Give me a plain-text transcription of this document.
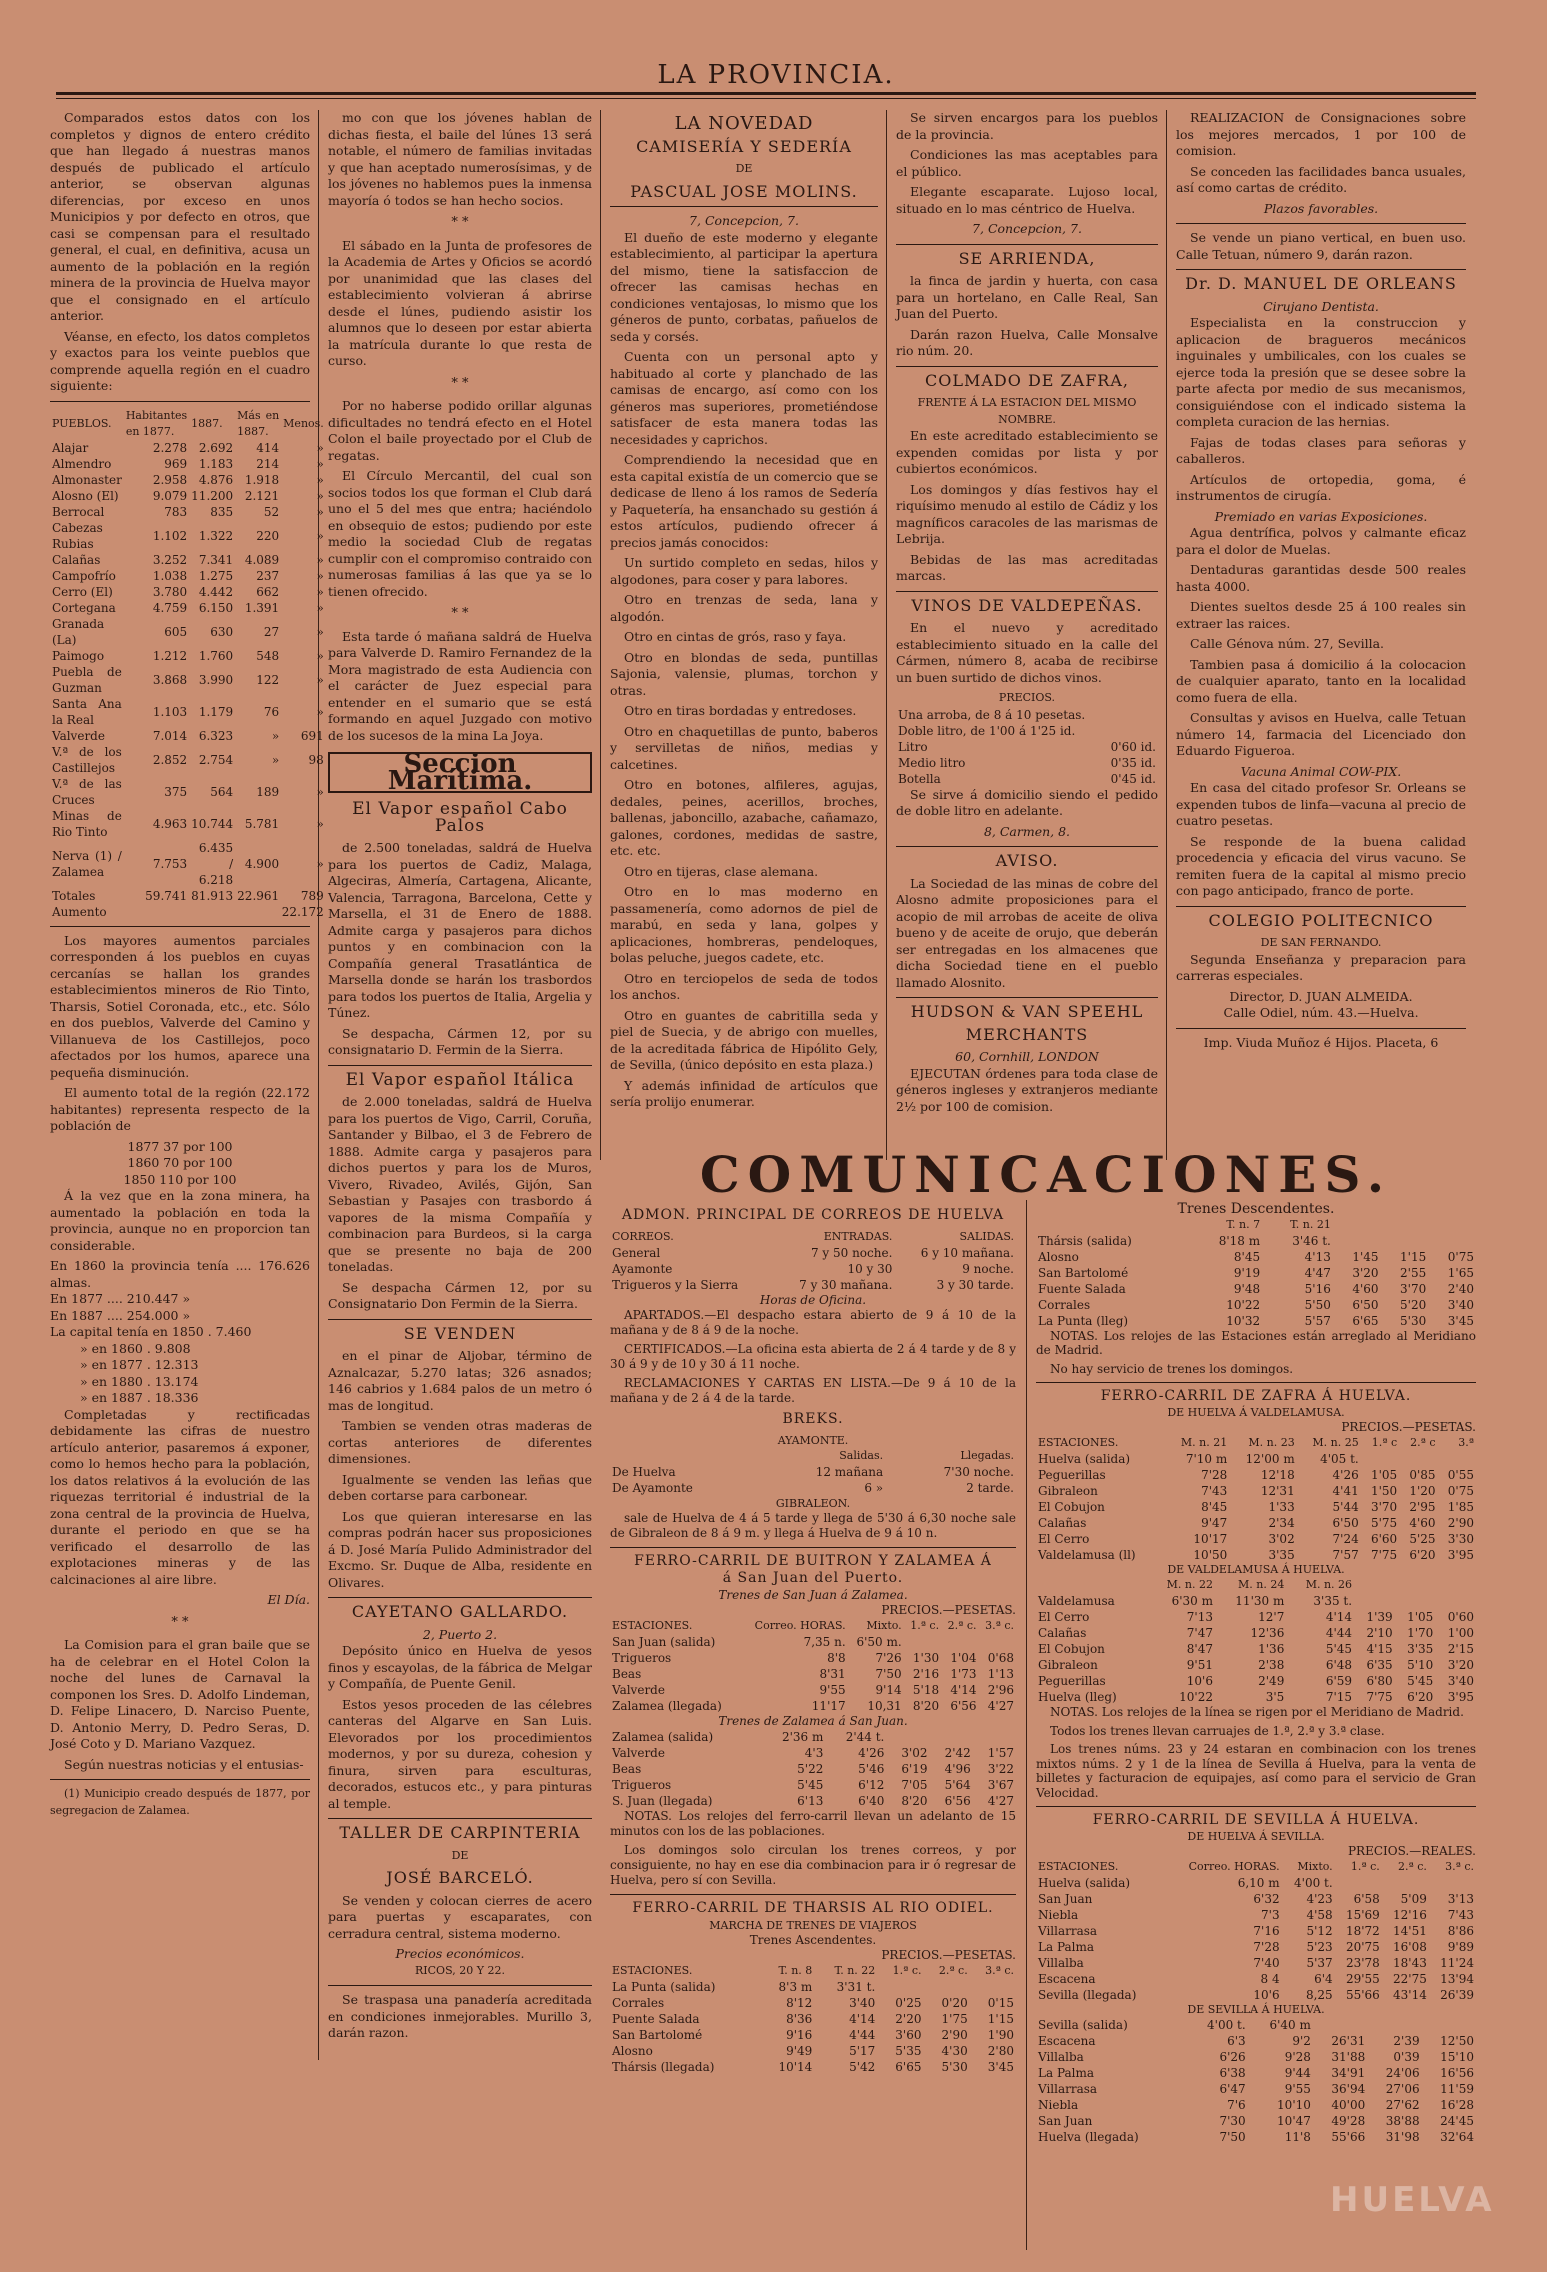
LA PROVINCIA.

Comparados estos datos con los completos y dignos de entero crédito que han llegado á nuestras manos después de publicado el artículo anterior, se observan algunas diferencias, por exceso en unos Municipios y por defecto en otros, que casi se compensan para el resultado general, el cual, en definitiva, acusa un aumento de la población en la región minera de la provincia de Huelva mayor que el consignado en el artículo anterior.

Véanse, en efecto, los datos completos y exactos para los veinte pueblos que comprende aquella región en el cuadro siguiente:

PUEBLOS.	Habitantes en 1877.	1887.	Más en 1887.	Menos.
Alajar	2.278	2.692	414	»
Almendro	969	1.183	214	»
Almonaster	2.958	4.876	1.918	»
Alosno (El)	9.079	11.200	2.121	»
Berrocal	783	835	52	»
Cabezas Rubias	1.102	1.322	220	»
Calañas	3.252	7.341	4.089	»
Campofrío	1.038	1.275	237	»
Cerro (El)	3.780	4.442	662	»
Cortegana	4.759	6.150	1.391	»
Granada (La)	605	630	27	»
Paimogo	1.212	1.760	548	»
Puebla de Guzman	3.868	3.990	122	»
Santa Ana la Real	1.103	1.179	76	»
Valverde	7.014	6.323	»	691
V.ª de los Castillejos	2.852	2.754	»	98
V.ª de las Cruces	375	564	189	»
Minas de Rio Tinto	4.963	10.744	5.781	»
Nerva (1) / Zalamea	7.753	6.435 / 6.218	4.900	»
Totales	59.741	81.913	22.961	789
Aumento			22.172	

Los mayores aumentos parciales corresponden á los pueblos en cuyas cercanías se hallan los grandes establecimientos mineros de Rio Tinto, Tharsis, Sotiel Coronada, etc., etc. Sólo en dos pueblos, Valverde del Camino y Villanueva de los Castillejos, poco afectados por los humos, aparece una pequeña disminución.

El aumento total de la región (22.172 habitantes) representa respecto de la población de

1877 37 por 100
1860 70 por 100
1850 110 por 100

Á la vez que en la zona minera, ha aumentado la población en toda la provincia, aunque no en proporcion tan considerable.

En 1860 la provincia tenía .... 176.626 almas.
En 1877 .... 210.447 »
En 1887 .... 254.000 »
La capital tenía en 1850 . 7.460
» en 1860 . 9.808
» en 1877 . 12.313
» en 1880 . 13.174
» en 1887 . 18.336

Completadas y rectificadas debidamente las cifras de nuestro artículo anterior, pasaremos á exponer, como lo hemos hecho para la población, los datos relativos á la evolución de las riquezas territorial é industrial de la zona central de la provincia de Huelva, durante el periodo en que se ha verificado el desarrollo de las explotaciones mineras y de las calcinaciones al aire libre.

El Día.
* *

La Comision para el gran baile que se ha de celebrar en el Hotel Colon la noche del lunes de Carnaval la componen los Sres. D. Adolfo Lindeman, D. Felipe Linacero, D. Narciso Puente, D. Antonio Merry, D. Pedro Seras, D. José Coto y D. Mariano Vazquez.

Según nuestras noticias y el entusias-

(1) Municipio creado después de 1877, por segregacion de Zalamea.

mo con que los jóvenes hablan de dichas fiesta, el baile del lúnes 13 será notable, el número de familias invitadas y que han aceptado numerosísimas, y de los jóvenes no hablemos pues la inmensa mayoría ó todos se han hecho socios.

* *

El sábado en la Junta de profesores de la Academia de Artes y Oficios se acordó por unanimidad que las clases del establecimiento volvieran á abrirse desde el lúnes, pudiendo asistir los alumnos que lo deseen por estar abierta la matrícula durante lo que resta de curso.

* *

Por no haberse podido orillar algunas dificultades no tendrá efecto en el Hotel Colon el baile proyectado por el Club de regatas.

El Círculo Mercantil, del cual son socios todos los que forman el Club dará uno el 5 del mes que entra; haciéndolo en obsequio de estos; pudiendo por este medio la sociedad Club de regatas cumplir con el compromiso contraido con numerosas familias á las que ya se lo tienen ofrecido.

* *

Esta tarde ó mañana saldrá de Huelva para Valverde D. Ramiro Fernandez de la Mora magistrado de esta Audiencia con el carácter de Juez especial para entender en el sumario que se está formando en aquel Juzgado con motivo de los sucesos de la mina La Joya.

Seccion Marítima.
El Vapor español Cabo Palos

de 2.500 toneladas, saldrá de Huelva para los puertos de Cadiz, Malaga, Algeciras, Almería, Cartagena, Alicante, Valencia, Tarragona, Barcelona, Cette y Marsella, el 31 de Enero de 1888. Admite carga y pasajeros para dichos puntos y en combinacion con la Compañía general Trasatlántica de Marsella donde se harán los trasbordos para todos los puertos de Italia, Argelia y Túnez.

Se despacha, Cármen 12, por su consignatario D. Fermin de la Sierra.

El Vapor español Itálica

de 2.000 toneladas, saldrá de Huelva para los puertos de Vigo, Carril, Coruña, Santander y Bilbao, el 3 de Febrero de 1888. Admite carga y pasajeros para dichos puertos y para los de Muros, Vivero, Rivadeo, Avilés, Gijón, San Sebastian y Pasajes con trasbordo á vapores de la misma Compañía y combinacion para Burdeos, si la carga que se presente no baja de 200 toneladas.

Se despacha Cármen 12, por su Consignatario Don Fermin de la Sierra.

SE VENDEN

en el pinar de Aljobar, término de Aznalcazar, 5.270 latas; 326 asnados; 146 cabrios y 1.684 palos de un metro ó mas de longitud.

Tambien se venden otras maderas de cortas anteriores de diferentes dimensiones.

Igualmente se venden las leñas que deben cortarse para carbonear.

Los que quieran interesarse en las compras podrán hacer sus proposiciones á D. José María Pulido Administrador del Excmo. Sr. Duque de Alba, residente en Olivares.

CAYETANO GALLARDO.
2, Puerto 2.

Depósito único en Huelva de yesos finos y escayolas, de la fábrica de Melgar y Compañía, de Puente Genil.

Estos yesos proceden de las célebres canteras del Algarve en San Luis. Elevorados por los procedimientos modernos, y por su dureza, cohesion y finura, sirven para esculturas, decorados, estucos etc., y para pinturas al temple.

TALLER DE CARPINTERIA
DE
JOSÉ BARCELÓ.

Se venden y colocan cierres de acero para puertas y escaparates, con cerradura central, sistema moderno.

Precios económicos.
RICOS, 20 Y 22.

Se traspasa una panadería acreditada en condiciones inmejorables. Murillo 3, darán razon.

LA NOVEDAD
CAMISERÍA Y SEDERÍA
DE
PASCUAL JOSE MOLINS.
7, Concepcion, 7.

El dueño de este moderno y elegante establecimiento, al participar la apertura del mismo, tiene la satisfaccion de ofrecer las camisas hechas en condiciones ventajosas, lo mismo que los géneros de punto, corbatas, pañuelos de seda y corsés.

Cuenta con un personal apto y habituado al corte y planchado de las camisas de encargo, así como con los géneros mas superiores, prometiéndose satisfacer de esta manera todas las necesidades y caprichos.

Comprendiendo la necesidad que en esta capital existía de un comercio que se dedicase de lleno á los ramos de Sedería y Paquetería, ha ensanchado su gestión á estos artículos, pudiendo ofrecer á precios jamás conocidos:

Un surtido completo en sedas, hilos y algodones, para coser y para labores.

Otro en trenzas de seda, lana y algodón.

Otro en cintas de grós, raso y faya.

Otro en blondas de seda, puntillas Sajonia, valensie, plumas, torchon y otras.

Otro en tiras bordadas y entredoses.

Otro en chaquetillas de punto, baberos y servilletas de niños, medias y calcetines.

Otro en botones, alfileres, agujas, dedales, peines, acerillos, broches, ballenas, jaboncillo, azabache, cañamazo, galones, cordones, medidas de sastre, etc. etc.

Otro en tijeras, clase alemana.

Otro en lo mas moderno en passamenería, como adornos de piel de marabú, en seda y lana, golpes y aplicaciones, hombreras, pendeloques, bolas peluche, juegos cadete, etc.

Otro en terciopelos de seda de todos los anchos.

Otro en guantes de cabritilla seda y piel de Suecia, y de abrigo con muelles, de la acreditada fábrica de Hipólito Gely, de Sevilla, (único depósito en esta plaza.)

Y además infinidad de artículos que sería prolijo enumerar.

Se sirven encargos para los pueblos de la provincia.

Condiciones las mas aceptables para el público.

Elegante escaparate. Lujoso local, situado en lo mas céntrico de Huelva.

7, Concepcion, 7.
SE ARRIENDA,

la finca de jardin y huerta, con casa para un hortelano, en Calle Real, San Juan del Puerto.

Darán razon Huelva, Calle Monsalve rio núm. 20.

COLMADO DE ZAFRA,
FRENTE Á LA ESTACION DEL MISMO NOMBRE.

En este acreditado establecimiento se expenden comidas por lista y por cubiertos económicos.

Los domingos y días festivos hay el riquísimo menudo al estilo de Cádiz y los magníficos caracoles de las marismas de Lebrija.

Bebidas de las mas acreditadas marcas.

VINOS DE VALDEPEÑAS.

En el nuevo y acreditado establecimiento situado en la calle del Cármen, número 8, acaba de recibirse un buen surtido de dichos vinos.

PRECIOS.
Una arroba, de 8 á 10 pesetas.	
Doble litro, de 1'00 á 1'25 id.	
Litro	0'60 id.
Medio litro	0'35 id.
Botella	0'45 id.

Se sirve á domicilio siendo el pedido de doble litro en adelante.

8, Carmen, 8.
AVISO.

La Sociedad de las minas de cobre del Alosno admite proposiciones para el acopio de mil arrobas de aceite de oliva bueno y de aceite de orujo, que deberán ser entregadas en los almacenes que dicha Sociedad tiene en el pueblo llamado Alosnito.

HUDSON & VAN SPEEHL
MERCHANTS
60, Cornhill, LONDON

EJECUTAN órdenes para toda clase de géneros ingleses y extranjeros mediante 2½ por 100 de comision.

REALIZACION de Consignaciones sobre los mejores mercados, 1 por 100 de comision.

Se conceden las facilidades banca usuales, así como cartas de crédito.

Plazos favorables.

Se vende un piano vertical, en buen uso. Calle Tetuan, número 9, darán razon.

Dr. D. MANUEL DE ORLEANS
Cirujano Dentista.

Especialista en la construccion y aplicacion de bragueros mecánicos inguinales y umbilicales, con los cuales se ejerce toda la presión que se desee sobre la parte afecta por medio de sus mecanismos, consiguiéndose con el indicado sistema la completa curacion de las hernias.

Fajas de todas clases para señoras y caballeros.

Artículos de ortopedia, goma, é instrumentos de cirugía.

Premiado en varias Exposiciones.

Agua dentrífica, polvos y calmante eficaz para el dolor de Muelas.

Dentaduras garantidas desde 500 reales hasta 4000.

Dientes sueltos desde 25 á 100 reales sin extraer las raices.

Calle Génova núm. 27, Sevilla.

Tambien pasa á domicilio á la colocacion de cualquier aparato, tanto en la localidad como fuera de ella.

Consultas y avisos en Huelva, calle Tetuan número 14, farmacia del Licenciado don Eduardo Figueroa.

Vacuna Animal COW-PIX.

En casa del citado profesor Sr. Orleans se expenden tubos de linfa—vacuna al precio de cuatro pesetas.

Se responde de la buena calidad procedencia y eficacia del virus vacuno. Se remiten fuera de la capital al mismo precio con pago anticipado, franco de porte.

COLEGIO POLITECNICO
DE SAN FERNANDO.

Segunda Enseñanza y preparacion para carreras especiales.

Director, D. JUAN ALMEIDA.
Calle Odiel, núm. 43.—Huelva.
Imp. Viuda Muñoz é Hijos. Placeta, 6
COMUNICACIONES.
ADMON. PRINCIPAL DE CORREOS DE HUELVA
CORREOS.	ENTRADAS.	SALIDAS.
General	7 y 50 noche.	6 y 10 mañana.
Ayamonte	10 y 30	9 noche.
Trigueros y la Sierra	7 y 30 mañana.	3 y 30 tarde.
Horas de Oficina.

APARTADOS.—El despacho estara abierto de 9 á 10 de la mañana y de 8 á 9 de la noche.

CERTIFICADOS.—La oficina esta abierta de 2 á 4 tarde y de 8 y 30 á 9 y de 10 y 30 á 11 noche.

RECLAMACIONES Y CARTAS EN LISTA.—De 9 á 10 de la mañana y de 2 á 4 de la tarde.

BREKS.
AYAMONTE.
	Salidas.	Llegadas.
De Huelva	12 mañana	7'30 noche.
De Ayamonte	6 »	2 tarde.
GIBRALEON.

sale de Huelva de 4 á 5 tarde y llega de 5'30 á 6,30 noche sale de Gibraleon de 8 á 9 m. y llega á Huelva de 9 á 10 n.

FERRO-CARRIL DE BUITRON Y ZALAMEA Á
á San Juan del Puerto.
Trenes de San Juan á Zalamea.
PRECIOS.—PESETAS.
ESTACIONES.	Correo. HORAS.	Mixto.	1.ª c.	2.ª c.	3.ª c.
San Juan (salida)	7,35 n.	6'50 m.			
Trigueros	8'8	7'26	1'30	1'04	0'68
Beas	8'31	7'50	2'16	1'73	1'13
Valverde	9'55	9'14	5'18	4'14	2'96
Zalamea (llegada)	11'17	10,31	8'20	6'56	4'27
Trenes de Zalamea á San Juan.
Zalamea (salida)	2'36 m	2'44 t.			
Valverde	4'3	4'26	3'02	2'42	1'57
Beas	5'22	5'46	6'19	4'96	3'22
Trigueros	5'45	6'12	7'05	5'64	3'67
S. Juan (llegada)	6'13	6'40	8'20	6'56	4'27

NOTAS. Los relojes del ferro-carril llevan un adelanto de 15 minutos con los de las poblaciones.

Los domingos solo circulan los trenes correos, y por consiguiente, no hay en ese dia combinacion para ir ó regresar de Huelva, pero sí con Sevilla.

FERRO-CARRIL DE THARSIS AL RIO ODIEL.
MARCHA DE TRENES DE VIAJEROS
Trenes Ascendentes.
PRECIOS.—PESETAS.
ESTACIONES.	T. n. 8	T. n. 22	1.ª c.	2.ª c.	3.ª c.
La Punta (salida)	8'3 m	3'31 t.			
Corrales	8'12	3'40	0'25	0'20	0'15
Puente Salada	8'36	4'14	2'20	1'75	1'15
San Bartolomé	9'16	4'44	3'60	2'90	1'90
Alosno	9'49	5'17	5'35	4'30	2'80
Thársis (llegada)	10'14	5'42	6'65	5'30	3'45
Trenes Descendentes.
	T. n. 7	T. n. 21			
Thársis (salida)	8'18 m	3'46 t.			
Alosno	8'45	4'13	1'45	1'15	0'75
San Bartolomé	9'19	4'47	3'20	2'55	1'65
Fuente Salada	9'48	5'16	4'60	3'70	2'40
Corrales	10'22	5'50	6'50	5'20	3'40
La Punta (lleg)	10'32	5'57	6'65	5'30	3'45

NOTAS. Los relojes de las Estaciones están arreglado al Meridiano de Madrid.

No hay servicio de trenes los domingos.

FERRO-CARRIL DE ZAFRA Á HUELVA.
DE HUELVA Á VALDELAMUSA.
PRECIOS.—PESETAS.
ESTACIONES.	M. n. 21	M. n. 23	M. n. 25	1.ª c	2.ª c	3.ª
Huelva (salida)	7'10 m	12'00 m	4'05 t.			
Peguerillas	7'28	12'18	4'26	1'05	0'85	0'55
Gibraleon	7'43	12'31	4'41	1'50	1'20	0'75
El Cobujon	8'45	1'33	5'44	3'70	2'95	1'85
Calañas	9'47	2'34	6'50	5'75	4'60	2'90
El Cerro	10'17	3'02	7'24	6'60	5'25	3'30
Valdelamusa (ll)	10'50	3'35	7'57	7'75	6'20	3'95
DE VALDELAMUSA Á HUELVA.
	M. n. 22	M. n. 24	M. n. 26			
Valdelamusa	6'30 m	11'30 m	3'35 t.			
El Cerro	7'13	12'7	4'14	1'39	1'05	0'60
Calañas	7'47	12'36	4'44	2'10	1'70	1'00
El Cobujon	8'47	1'36	5'45	4'15	3'35	2'15
Gibraleon	9'51	2'38	6'48	6'35	5'10	3'20
Peguerillas	10'6	2'49	6'59	6'80	5'45	3'40
Huelva (lleg)	10'22	3'5	7'15	7'75	6'20	3'95

NOTAS. Los relojes de la línea se rigen por el Meridiano de Madrid.

Todos los trenes llevan carruajes de 1.ª, 2.ª y 3.ª clase.

Los trenes núms. 23 y 24 estaran en combinacion con los trenes mixtos núms. 2 y 1 de la línea de Sevilla á Huelva, para la venta de billetes y facturacion de equipajes, así como para el servicio de Gran Velocidad.

FERRO-CARRIL DE SEVILLA Á HUELVA.
DE HUELVA Á SEVILLA.
PRECIOS.—REALES.
ESTACIONES.	Correo. HORAS.	Mixto.	1.ª c.	2.ª c.	3.ª c.
Huelva (salida)	6,10 m	4'00 t.			
San Juan	6'32	4'23	6'58	5'09	3'13
Niebla	7'3	4'58	15'69	12'16	7'43
Villarrasa	7'16	5'12	18'72	14'51	8'86
La Palma	7'28	5'23	20'75	16'08	9'89
Villalba	7'40	5'37	23'78	18'43	11'24
Escacena	8 4	6'4	29'55	22'75	13'94
Sevilla (llegada)	10'6	8,25	55'66	43'14	26'39
DE SEVILLA Á HUELVA.
Sevilla (salida)	4'00 t.	6'40 m			
Escacena	6'3	9'2	26'31	2'39	12'50
Villalba	6'26	9'28	31'88	0'39	15'10
La Palma	6'38	9'44	34'91	24'06	16'56
Villarrasa	6'47	9'55	36'94	27'06	11'59
Niebla	7'6	10'10	40'00	27'62	16'28
San Juan	7'30	10'47	49'28	38'88	24'45
Huelva (llegada)	7'50	11'8	55'66	31'98	32'64
HUELVA
